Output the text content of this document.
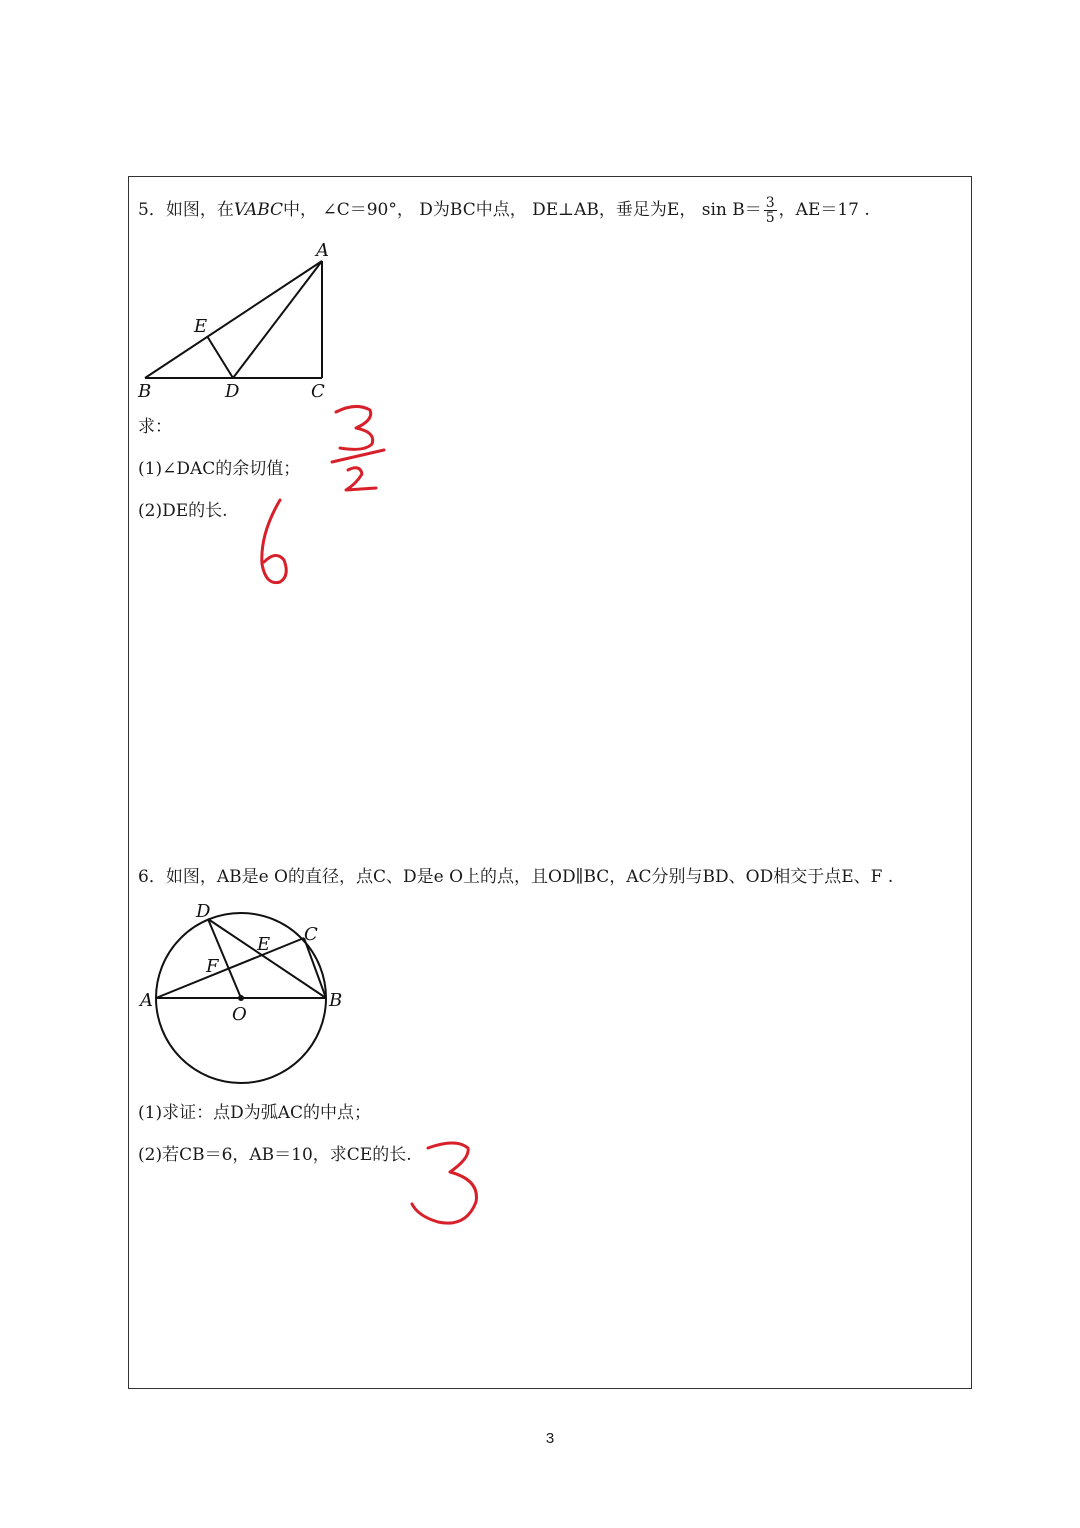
5．如图，在VABC中， ∠C＝90°， D为BC中点， DE⊥AB，垂足为E， $\sin B= \frac{3}{5}$ ，AE＝17 .
A
B	C
D
E
求：
(1)∠DAC的余切值；
(2)DE的长.
6．如图，AB是e O的直径，点C、D是e O上的点，且OD∥BC，AC分别与BD、OD相交于点E、F .
D
C
E
F
A	B
O
(1)求证：点D为弧AC的中点；
(2)若CB＝6，AB＝10，求CE的长.
3
